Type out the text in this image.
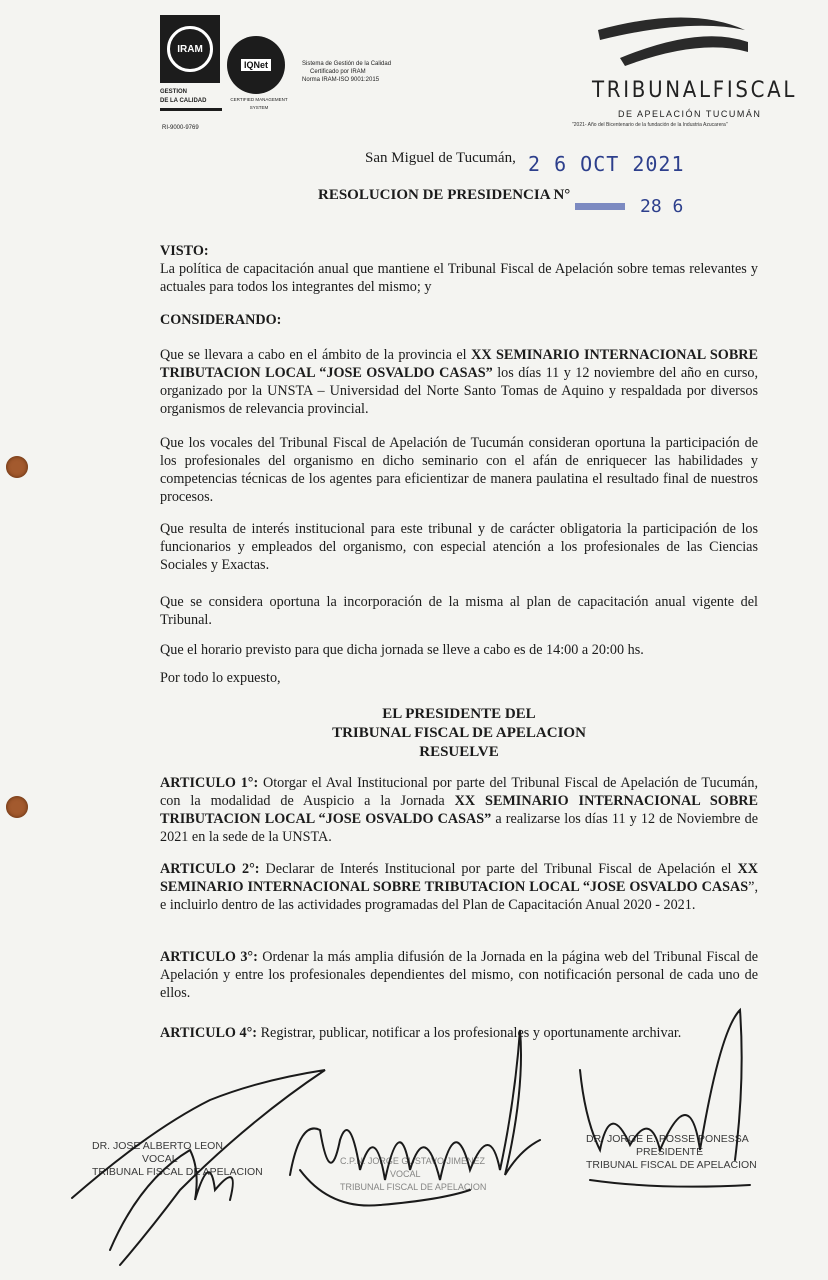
IRAM
GESTION
DE LA CALIDAD
RI-9000-9769
IQNet
CERTIFIED MANAGEMENT SYSTEM
Sistema de Gestión de la Calidad
Certificado por IRAM
Norma IRAM-ISO 9001:2015	TRIBUNALFISCAL
DE APELACIÓN TUCUMÁN
"2021- Año del Bicentenario de la fundación de la Industria Azucarera"
San Miguel de Tucumán, 2 6 OCT 2021
RESOLUCION DE PRESIDENCIA N°
28 6
VISTO:
La política de capacitación anual que mantiene el Tribunal Fiscal de Apelación sobre temas relevantes y actuales para todos los integrantes del mismo; y
CONSIDERANDO:
Que se llevara a cabo en el ámbito de la provincia el XX SEMINARIO INTERNACIONAL SOBRE TRIBUTACION LOCAL “JOSE OSVALDO CASAS” los días 11 y 12 noviembre del año en curso, organizado por la UNSTA – Universidad del Norte Santo Tomas de Aquino y respaldada por diversos organismos de relevancia provincial.
Que los vocales del Tribunal Fiscal de Apelación de Tucumán consideran oportuna la participación de los profesionales del organismo en dicho seminario con el afán de enriquecer las habilidades y competencias técnicas de los agentes para eficientizar de manera paulatina el resultado final de nuestros procesos.
Que resulta de interés institucional para este tribunal y de carácter obligatoria la participación de los funcionarios y empleados del organismo, con especial atención a los profesionales de las Ciencias Sociales y Exactas.
Que se considera oportuna la incorporación de la misma al plan de capacitación anual vigente del Tribunal.
Que el horario previsto para que dicha jornada se lleve a cabo es de 14:00 a 20:00 hs.
Por todo lo expuesto,
EL PRESIDENTE DEL
TRIBUNAL FISCAL DE APELACION
RESUELVE
ARTICULO 1°: Otorgar el Aval Institucional por parte del Tribunal Fiscal de Apelación de Tucumán, con la modalidad de Auspicio a la Jornada XX SEMINARIO INTERNACIONAL SOBRE TRIBUTACION LOCAL “JOSE OSVALDO CASAS” a realizarse los días 11 y 12 de Noviembre de 2021 en la sede de la UNSTA.
ARTICULO 2°: Declarar de Interés Institucional por parte del Tribunal Fiscal de Apelación el XX SEMINARIO INTERNACIONAL SOBRE TRIBUTACION LOCAL “JOSE OSVALDO CASAS”, e incluirlo dentro de las actividades programadas del Plan de Capacitación Anual 2020 - 2021.
ARTICULO 3°: Ordenar la más amplia difusión de la Jornada en la página web del Tribunal Fiscal de Apelación y entre los profesionales dependientes del mismo, con notificación personal de cada uno de ellos.
ARTICULO 4°: Registrar, publicar, notificar a los profesionales y oportunamente archivar.
DR. JOSE ALBERTO LEON
VOCAL
TRIBUNAL FISCAL DE APELACION
C.P.N. JORGE GUSTAVO JIMENEZ
VOCAL
TRIBUNAL FISCAL DE APELACION
DR. JORGE E. POSSE PONESSA
PRESIDENTE
TRIBUNAL FISCAL DE APELACION
